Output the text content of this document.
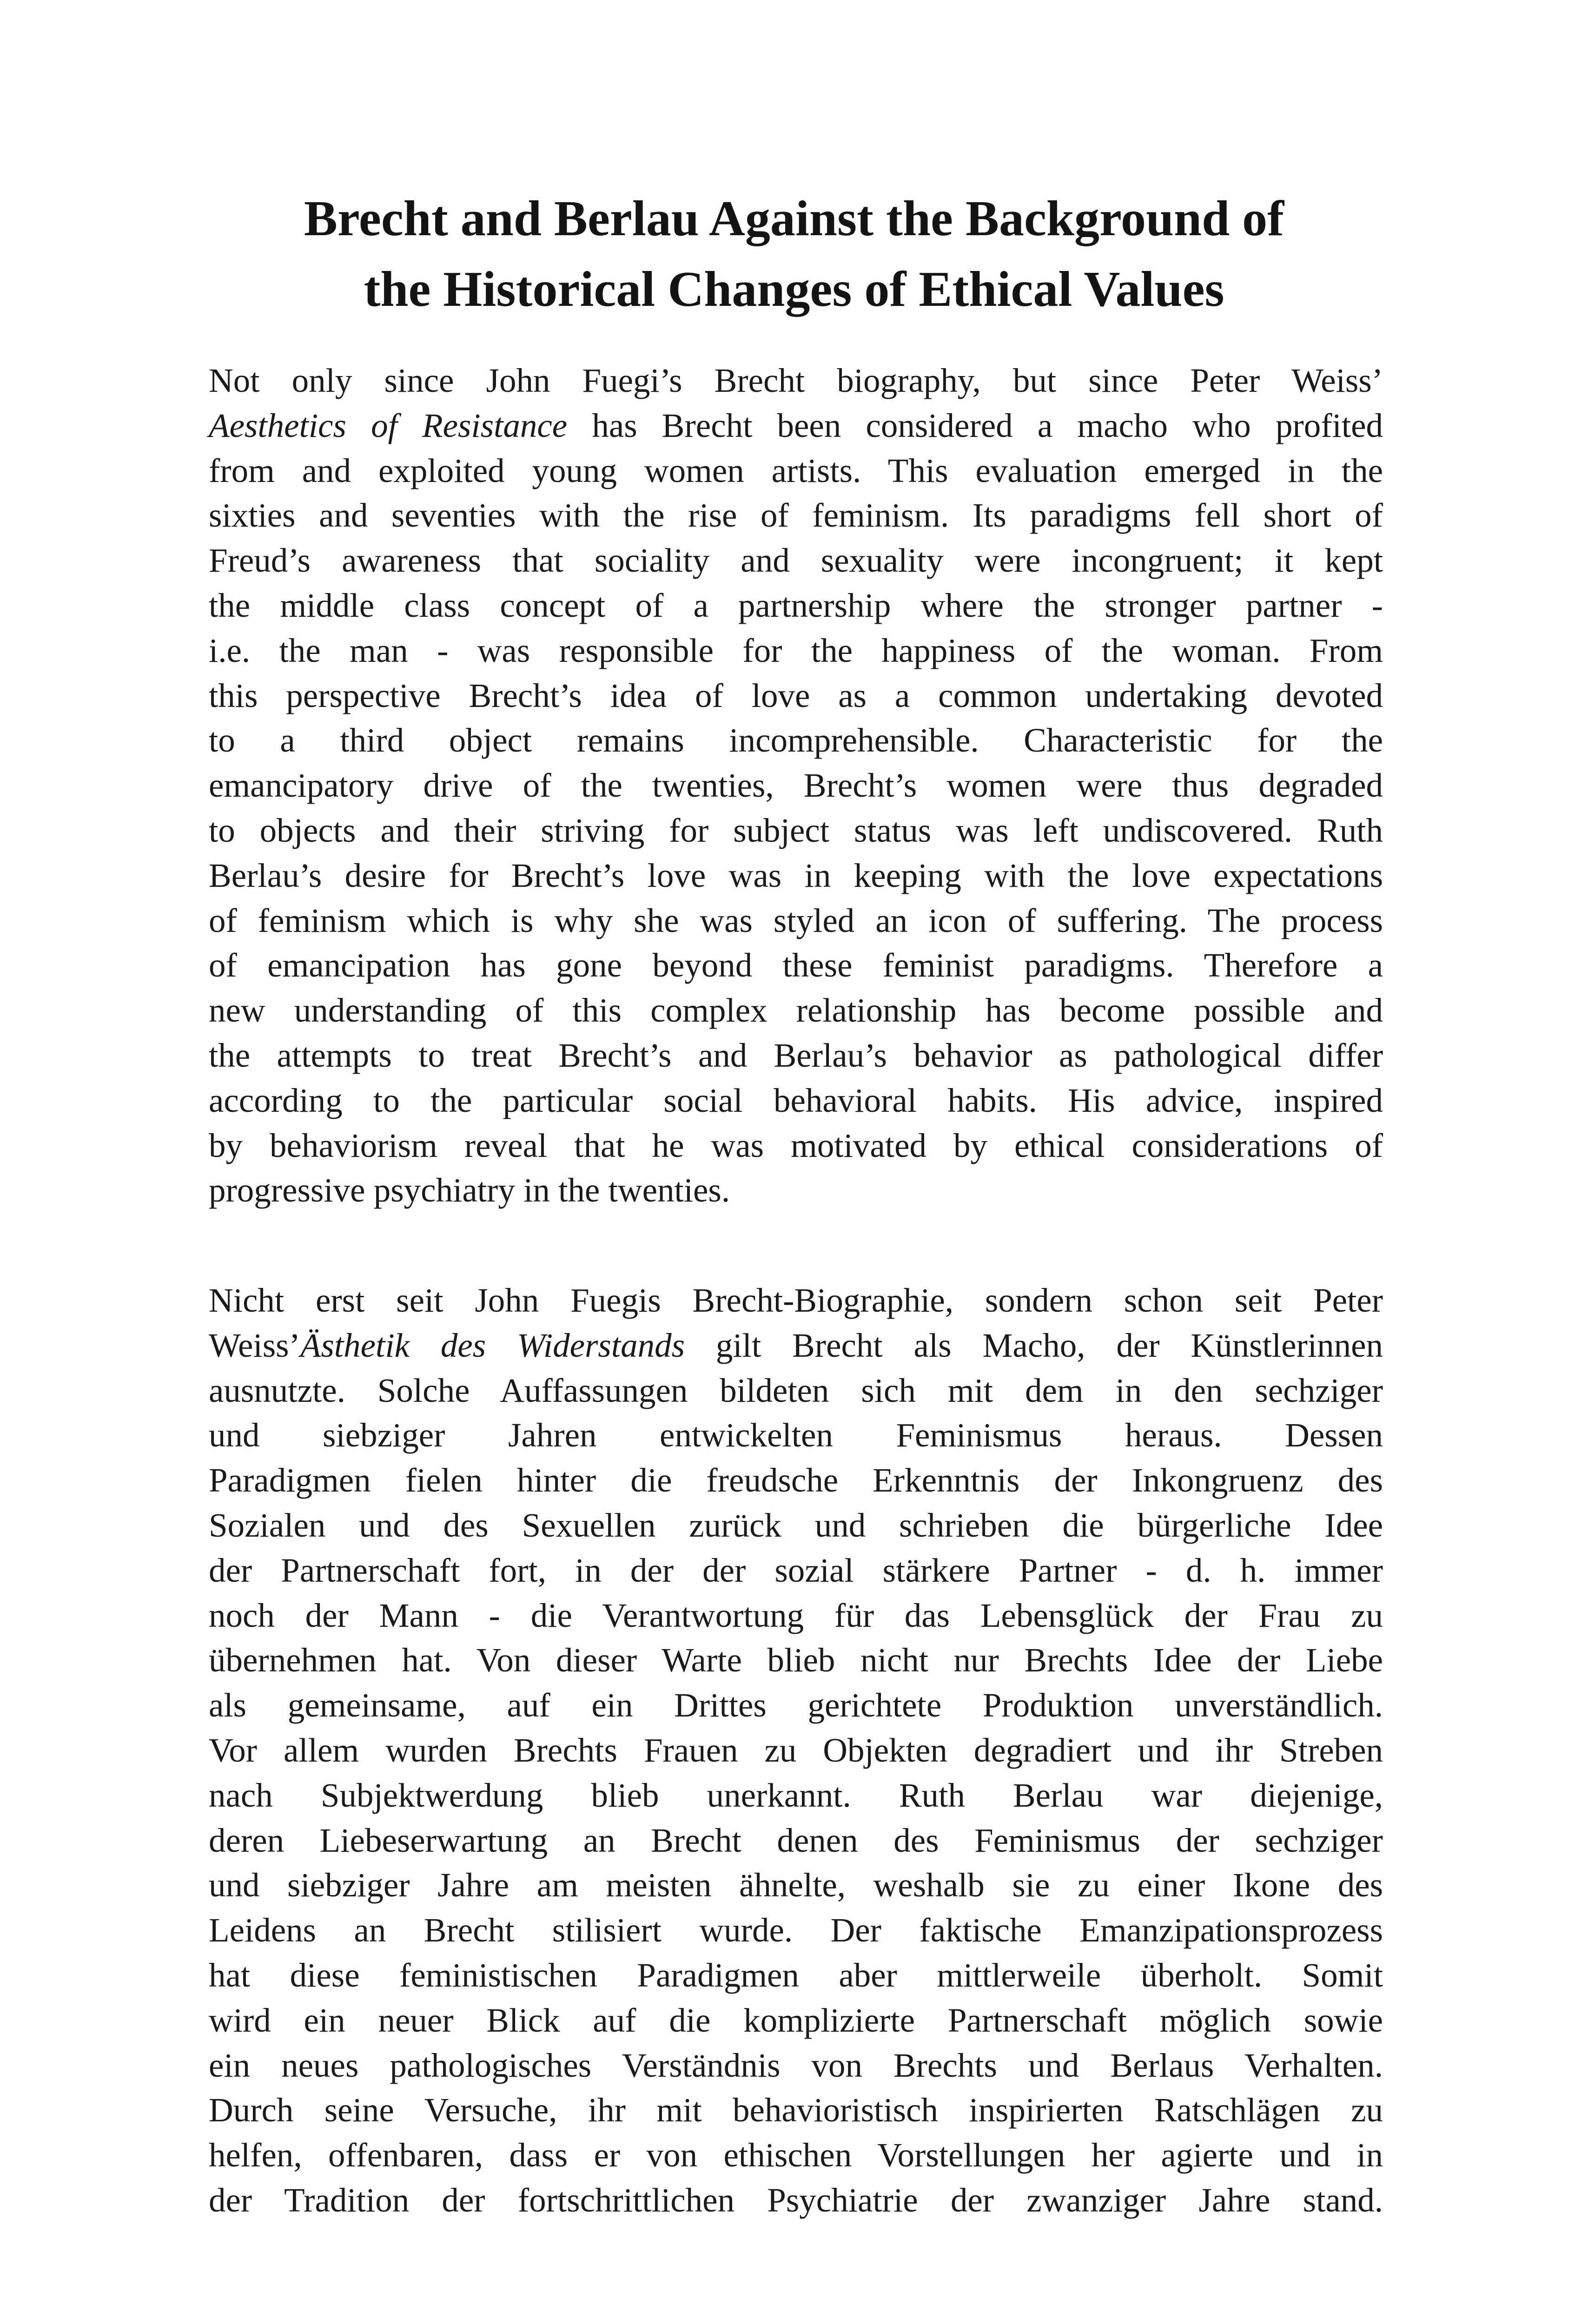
Brecht and Berlau Against the Background of
the Historical Changes of Ethical Values
Not only since John Fuegi’s Brecht biography, but since Peter Weiss’
Aesthetics of Resistance has Brecht been considered a macho who profited
from and exploited young women artists. This evaluation emerged in the
sixties and seventies with the rise of feminism. Its paradigms fell short of
Freud’s awareness that sociality and sexuality were incongruent; it kept
the middle class concept of a partnership where the stronger partner -
i.e. the man - was responsible for the happiness of the woman. From
this perspective Brecht’s idea of love as a common undertaking devoted
to a third object remains incomprehensible. Characteristic for the
emancipatory drive of the twenties, Brecht’s women were thus degraded
to objects and their striving for subject status was left undiscovered. Ruth
Berlau’s desire for Brecht’s love was in keeping with the love expectations
of feminism which is why she was styled an icon of suffering. The process
of emancipation has gone beyond these feminist paradigms. Therefore a
new understanding of this complex relationship has become possible and
the attempts to treat Brecht’s and Berlau’s behavior as pathological differ
according to the particular social behavioral habits. His advice, inspired
by behaviorism reveal that he was motivated by ethical considerations of
progressive psychiatry in the twenties.
Nicht erst seit John Fuegis Brecht-Biographie, sondern schon seit Peter
Weiss’Ästhetik des Widerstands gilt Brecht als Macho, der Künstlerinnen
ausnutzte. Solche Auffassungen bildeten sich mit dem in den sechziger
und siebziger Jahren entwickelten Feminismus heraus. Dessen
Paradigmen fielen hinter die freudsche Erkenntnis der Inkongruenz des
Sozialen und des Sexuellen zurück und schrieben die bürgerliche Idee
der Partnerschaft fort, in der der sozial stärkere Partner - d. h. immer
noch der Mann - die Verantwortung für das Lebensglück der Frau zu
übernehmen hat. Von dieser Warte blieb nicht nur Brechts Idee der Liebe
als gemeinsame, auf ein Drittes gerichtete Produktion unverständlich.
Vor allem wurden Brechts Frauen zu Objekten degradiert und ihr Streben
nach Subjektwerdung blieb unerkannt. Ruth Berlau war diejenige,
deren Liebeserwartung an Brecht denen des Feminismus der sechziger
und siebziger Jahre am meisten ähnelte, weshalb sie zu einer Ikone des
Leidens an Brecht stilisiert wurde. Der faktische Emanzipationsprozess
hat diese feministischen Paradigmen aber mittlerweile überholt. Somit
wird ein neuer Blick auf die komplizierte Partnerschaft möglich sowie
ein neues pathologisches Verständnis von Brechts und Berlaus Verhalten.
Durch seine Versuche, ihr mit behavioristisch inspirierten Ratschlägen zu
helfen, offenbaren, dass er von ethischen Vorstellungen her agierte und in
der Tradition der fortschrittlichen Psychiatrie der zwanziger Jahre stand.
